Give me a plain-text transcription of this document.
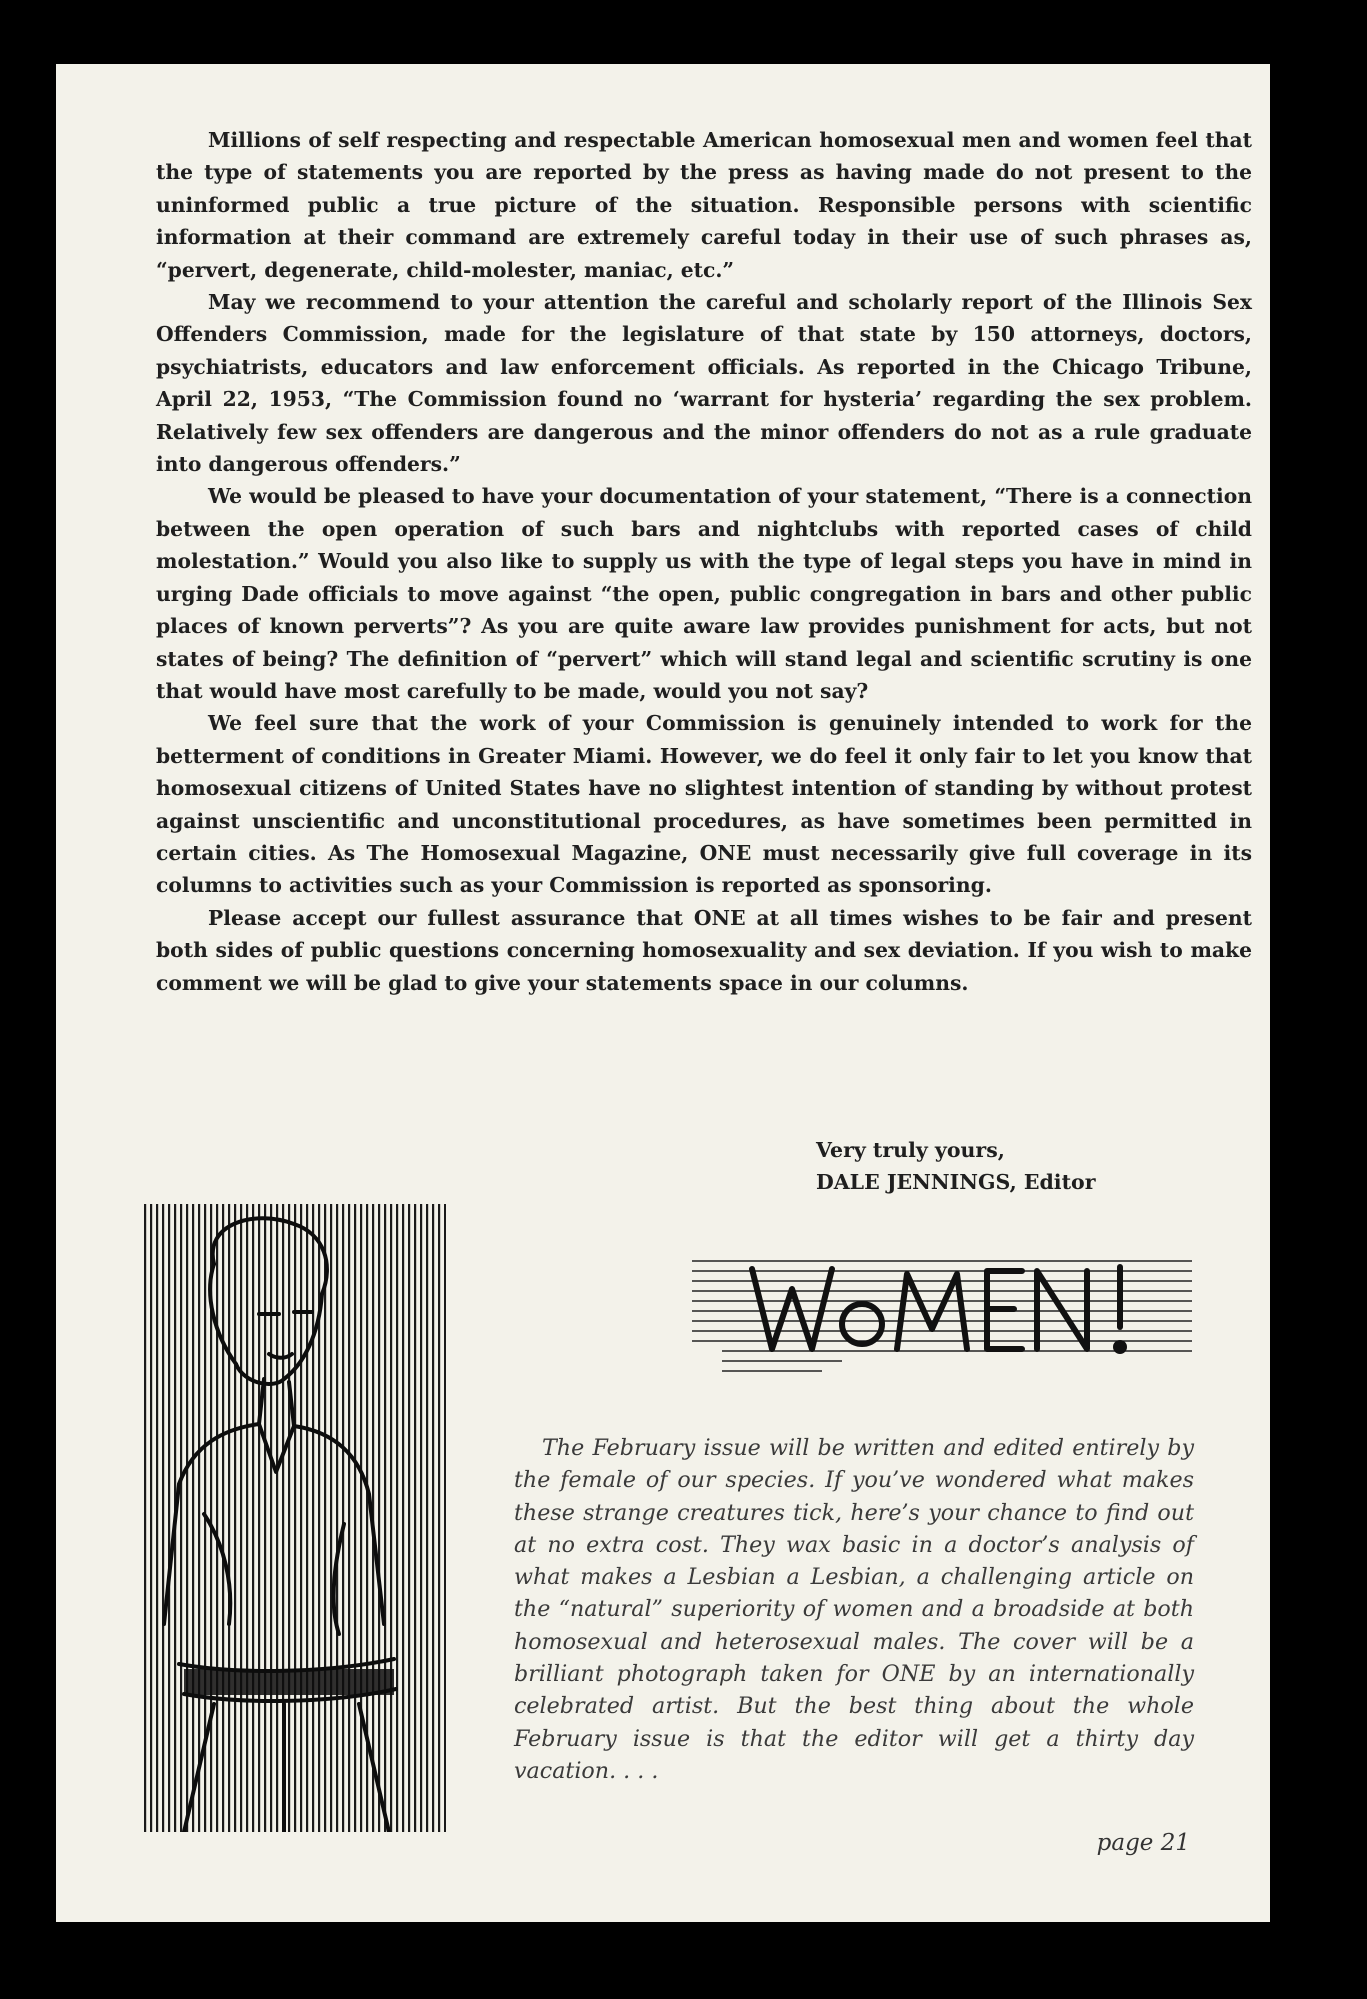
Millions of self respecting and respectable American homosexual men and women feel that the type of statements you are reported by the press as having made do not present to the uninformed public a true picture of the situation. Responsible persons with scientific information at their command are extremely careful today in their use of such phrases as, “pervert, degenerate, child-molester, maniac, etc.”

May we recommend to your attention the careful and scholarly report of the Illinois Sex Offenders Commission, made for the legislature of that state by 150 attorneys, doctors, psychiatrists, educators and law enforcement officials. As reported in the Chicago Tribune, April 22, 1953, “The Commission found no ‘warrant for hysteria’ regarding the sex problem. Relatively few sex offenders are dangerous and the minor offenders do not as a rule graduate into dangerous offenders.”

We would be pleased to have your documentation of your statement, “There is a connection between the open operation of such bars and nightclubs with reported cases of child molestation.” Would you also like to supply us with the type of legal steps you have in mind in urging Dade officials to move against “the open, public congregation in bars and other public places of known perverts”? As you are quite aware law provides punishment for acts, but not states of being? The definition of “pervert” which will stand legal and scientific scrutiny is one that would have most carefully to be made, would you not say?

We feel sure that the work of your Commission is genuinely intended to work for the betterment of conditions in Greater Miami. However, we do feel it only fair to let you know that homosexual citizens of United States have no slightest intention of standing by without protest against unscientific and unconstitutional procedures, as have sometimes been permitted in certain cities. As The Homosexual Magazine, ONE must necessarily give full coverage in its columns to activities such as your Commission is reported as sponsoring.

Please accept our fullest assurance that ONE at all times wishes to be fair and present both sides of public questions concerning homosexuality and sex deviation. If you wish to make comment we will be glad to give your statements space in our columns.

Very truly yours,
DALE JENNINGS, Editor
The February issue will be written and edited entirely by the female of our species. If you’ve wondered what makes these strange creatures tick, here’s your chance to find out at no extra cost. They wax basic in a doctor’s analysis of what makes a Lesbian a Lesbian, a challenging article on the “natural” superiority of women and a broadside at both homosexual and heterosexual males. The cover will be a brilliant photograph taken for ONE by an internationally celebrated artist. But the best thing about the whole February issue is that the editor will get a thirty day vacation. . . .
page 21
